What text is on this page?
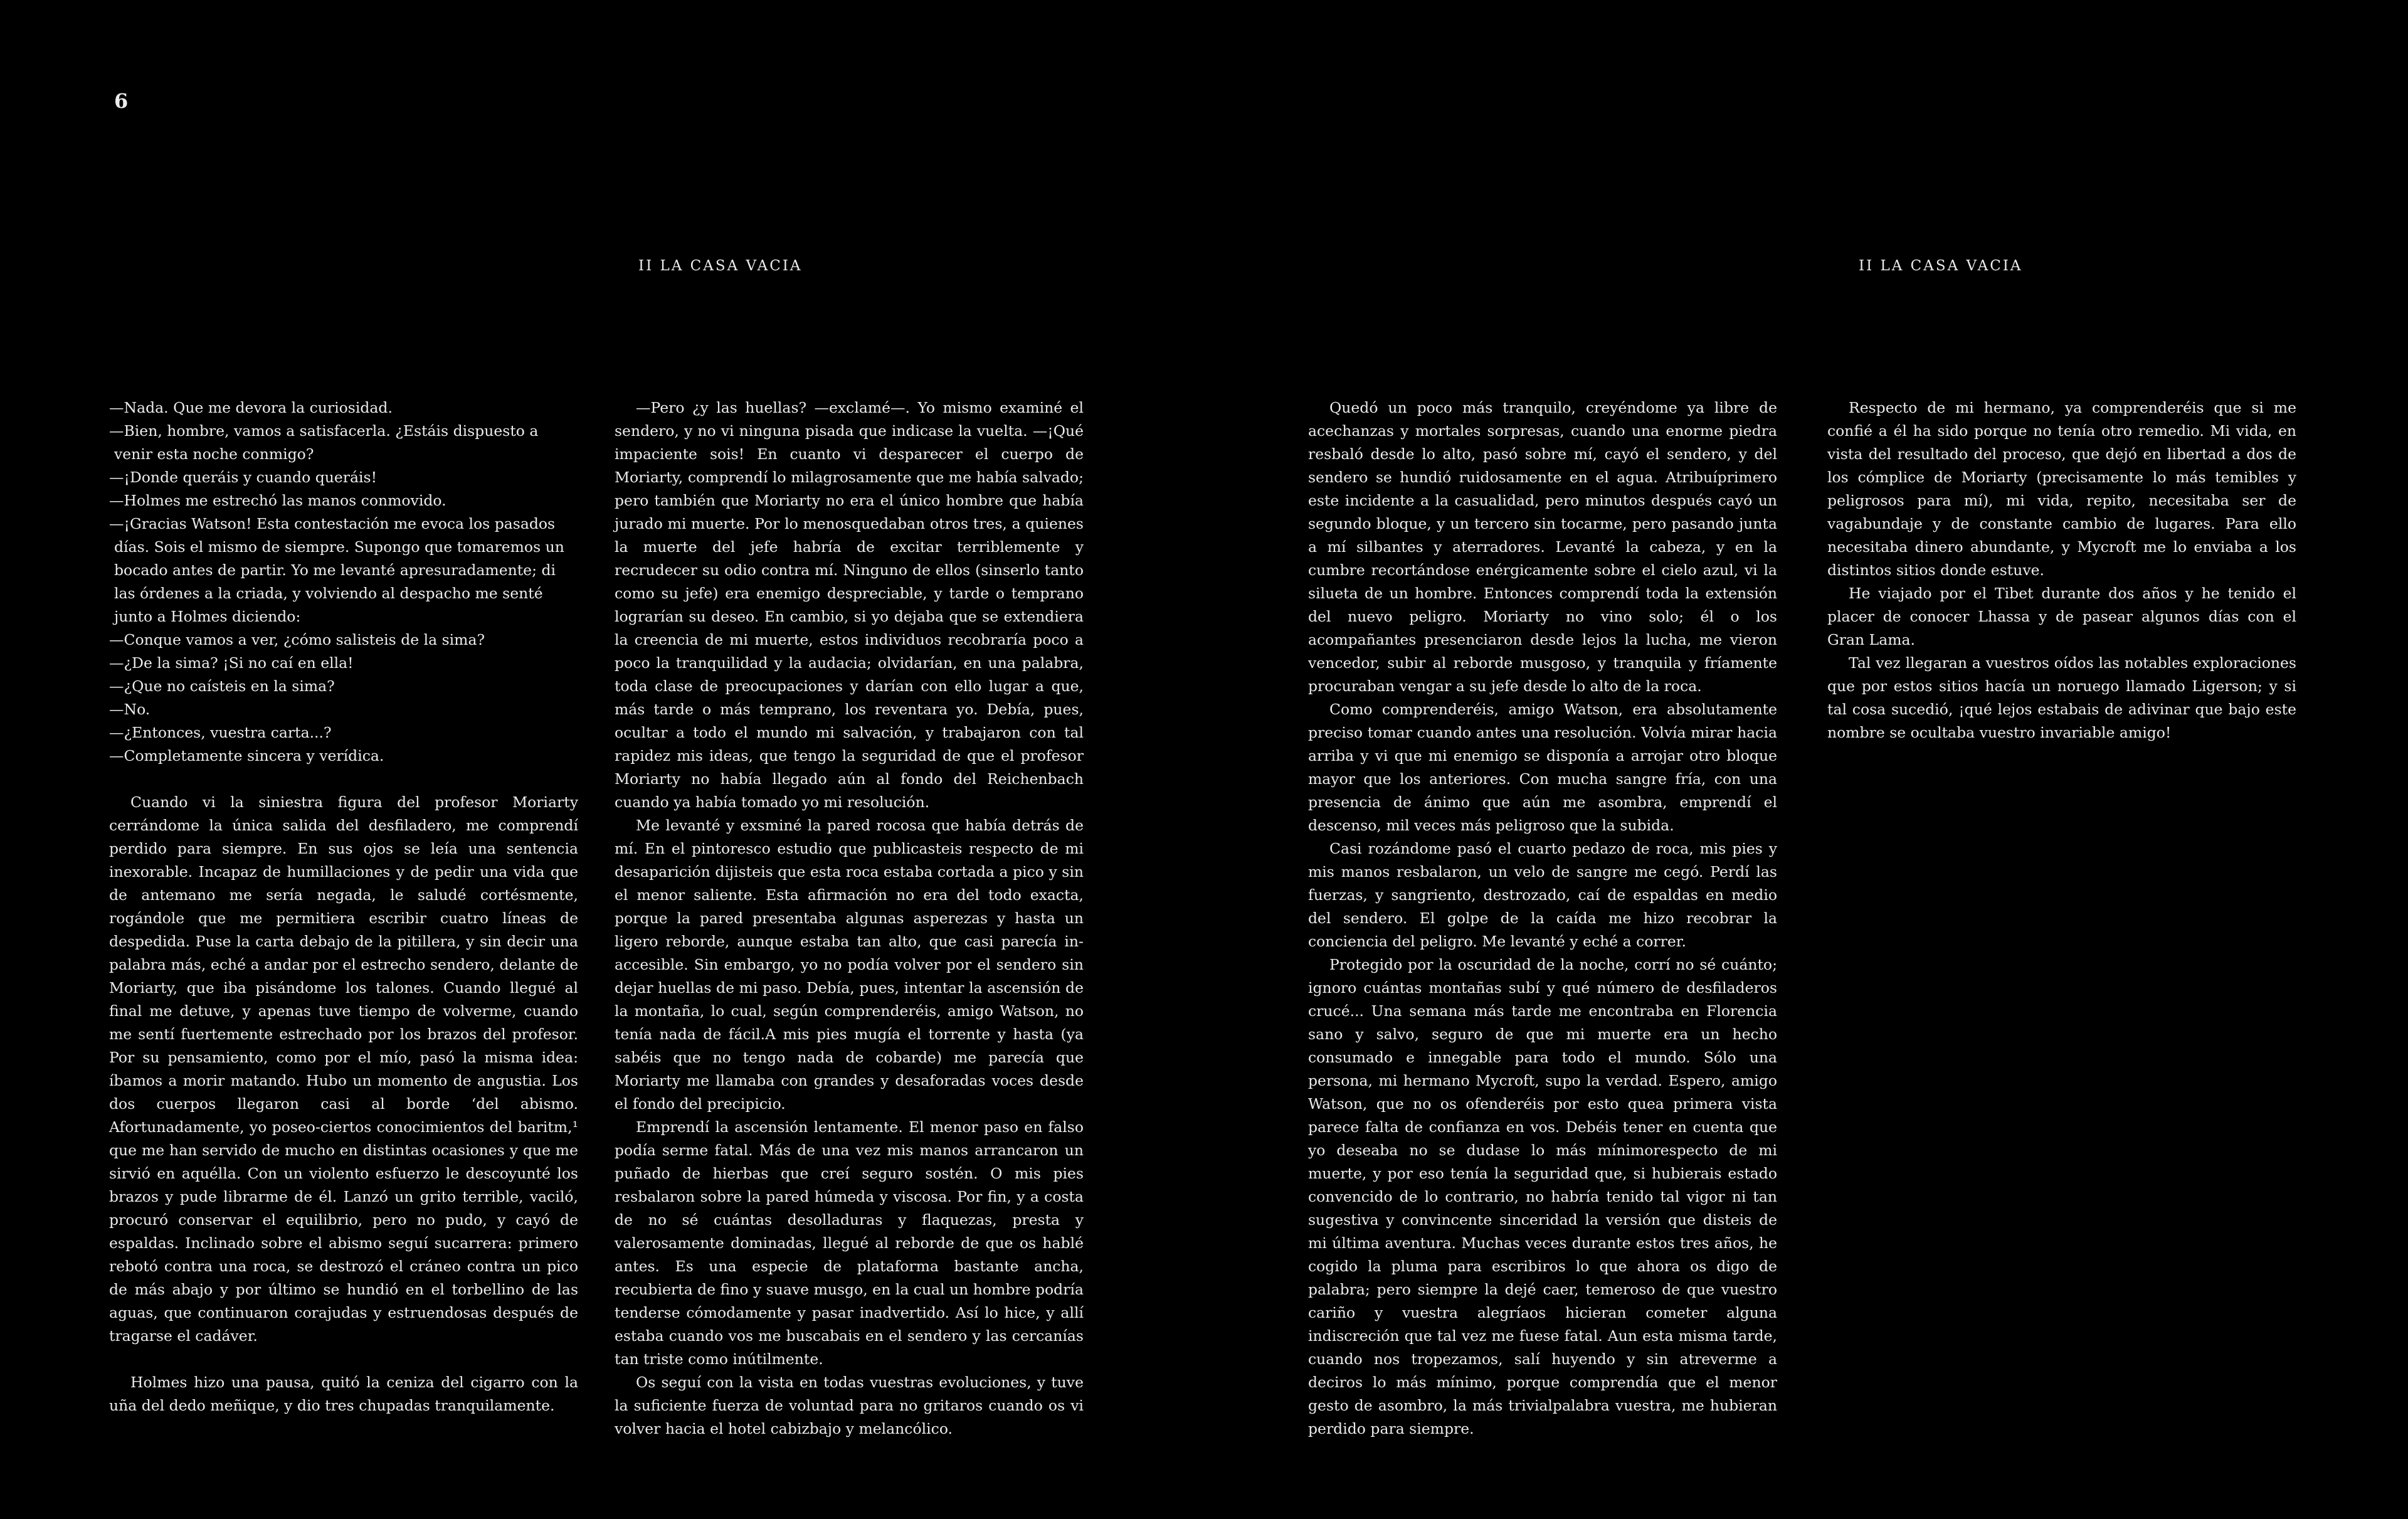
6
II LA CASA VACIA

—Nada. Que me devora la curiosidad.

—Bien, hombre, vamos a satisfacerla. ¿Estáis dispuesto a venir esta noche conmigo?

—¡Donde queráis y cuando queráis!

—Holmes me estrechó las manos conmovido.

—¡Gracias Watson! Esta contestación me evoca los pasados días. Sois el mismo de siempre. Supongo que tomaremos un bocado antes de partir. Yo me levanté apresuradamente; di las órdenes a la criada, y volviendo al despacho me senté junto a Holmes diciendo:

—Conque vamos a ver, ¿cómo salisteis de la sima?

—¿De la sima? ¡Si no caí en ella!

—¿Que no caísteis en la sima?

—No.

—¿Entonces, vuestra carta...?

—Completamente sincera y verídica.

Cuando vi la siniestra figura del profesor Moriarty cerrándome la única salida del desfiladero, me comprendí perdido para siempre. En sus ojos se leía una sentencia inexorable. Incapaz de humillaciones y de pedir una vida que de antemano me sería negada, le saludé cortésmente, rogándole que me permitiera escribir cuatro líneas de despedida. Puse la carta debajo de la pitillera, y sin decir una palabra más, eché a andar por el estrecho sendero, delante de Moriarty, que iba pisándome los talones. Cuando llegué al final me detuve, y apenas tuve tiempo de volverme, cuando me sentí fuertemente estrechado por los brazos del profesor. Por su pensamiento, como por el mío, pasó la misma idea: íbamos a morir matando. Hubo un momento de angustia. Los dos cuerpos llegaron casi al borde ‘del abismo. Afortunadamente, yo poseo-ciertos conocimientos del baritm,¹ que me han servido de mucho en distintas ocasiones y que me sirvió en aquélla. Con un violento esfuerzo le descoyunté los brazos y pude librarme de él. Lanzó un grito terrible, vaciló, procuró conservar el equilibrio, pero no pudo, y cayó de espaldas. Inclinado sobre el abismo seguí sucarrera: primero rebotó contra una roca, se destrozó el cráneo contra un pico de más abajo y por último se hundió en el torbellino de las aguas, que continuaron corajudas y estruendosas después de tragarse el cadáver.

Holmes hizo una pausa, quitó la ceniza del cigarro con la uña del dedo meñique, y dio tres chupadas tranquilamente.

—Pero ¿y las huellas? —exclamé—. Yo mismo examiné el sendero, y no vi ninguna pisada que indicase la vuelta. —¡Qué impaciente sois! En cuanto vi desparecer el cuerpo de Moriarty, comprendí lo milagrosamente que me había salvado; pero también que Moriarty no era el único hombre que había jurado mi muerte. Por lo menosquedaban otros tres, a quienes la muerte del jefe habría de excitar terriblemente y recrudecer su odio contra mí. Ninguno de ellos (sinserlo tanto como su jefe) era enemigo despreciable, y tarde o temprano lograrían su deseo. En cambio, si yo dejaba que se extendiera la creencia de mi muerte, estos individuos recobraría poco a poco la tranquilidad y la audacia; olvidarían, en una palabra, toda clase de preocupaciones y darían con ello lugar a que, más tarde o más temprano, los reventara yo. Debía, pues, ocultar a todo el mundo mi salvación, y trabajaron con tal rapidez mis ideas, que tengo la seguridad de que el profesor Moriarty no había llegado aún al fondo del Reichenbach cuando ya había tomado yo mi resolución.

Me levanté y exsminé la pared rocosa que había detrás de mí. En el pintoresco estudio que publicasteis respecto de mi desaparición dijisteis que esta roca estaba cortada a pico y sin el menor saliente. Esta afirmación no era del todo exacta, porque la pared presentaba algunas asperezas y hasta un ligero reborde, aunque estaba tan alto, que casi parecía in-accesible. Sin embargo, yo no podía volver por el sendero sin dejar huellas de mi paso. Debía, pues, intentar la ascensión de la montaña, lo cual, según comprenderéis, amigo Watson, no tenía nada de fácil.A mis pies mugía el torrente y hasta (ya sabéis que no tengo nada de cobarde) me parecía que Moriarty me llamaba con grandes y desaforadas voces desde el fondo del precipicio.

Emprendí la ascensión lentamente. El menor paso en falso podía serme fatal. Más de una vez mis manos arrancaron un puñado de hierbas que creí seguro sostén. O mis pies resbalaron sobre la pared húmeda y viscosa. Por fin, y a costa de no sé cuántas desolladuras y flaquezas, presta y valerosamente dominadas, llegué al reborde de que os hablé antes. Es una especie de plataforma bastante ancha, recubierta de fino y suave musgo, en la cual un hombre podría tenderse cómodamente y pasar inadvertido. Así lo hice, y allí estaba cuando vos me buscabais en el sendero y las cercanías tan triste como inútilmente.

Os seguí con la vista en todas vuestras evoluciones, y tuve la suficiente fuerza de voluntad para no gritaros cuando os vi volver hacia el hotel cabizbajo y melancólico.

II LA CASA VACIA

Quedó un poco más tranquilo, creyéndome ya libre de acechanzas y mortales sorpresas, cuando una enorme piedra resbaló desde lo alto, pasó sobre mí, cayó el sendero, y del sendero se hundió ruidosamente en el agua. Atribuíprimero este incidente a la casualidad, pero minutos después cayó un segundo bloque, y un tercero sin tocarme, pero pasando junta a mí silbantes y aterradores. Levanté la cabeza, y en la cumbre recortándose enérgicamente sobre el cielo azul, vi la silueta de un hombre. Entonces comprendí toda la extensión del nuevo peligro. Moriarty no vino solo; él o los acompañantes presenciaron desde lejos la lucha, me vieron vencedor, subir al reborde musgoso, y tranquila y fríamente procuraban vengar a su jefe desde lo alto de la roca.

Como comprenderéis, amigo Watson, era absolutamente preciso tomar cuando antes una resolución. Volvía mirar hacia arriba y vi que mi enemigo se disponía a arrojar otro bloque mayor que los anteriores. Con mucha sangre fría, con una presencia de ánimo que aún me asombra, emprendí el descenso, mil veces más peligroso que la subida.

Casi rozándome pasó el cuarto pedazo de roca, mis pies y mis manos resbalaron, un velo de sangre me cegó. Perdí las fuerzas, y sangriento, destrozado, caí de espaldas en medio del sendero. El golpe de la caída me hizo recobrar la conciencia del peligro. Me levanté y eché a correr.

Protegido por la oscuridad de la noche, corrí no sé cuánto; ignoro cuántas montañas subí y qué número de desfiladeros crucé... Una semana más tarde me encontraba en Florencia sano y salvo, seguro de que mi muerte era un hecho consumado e innegable para todo el mundo. Sólo una persona, mi hermano Mycroft, supo la verdad. Espero, amigo Watson, que no os ofenderéis por esto quea primera vista parece falta de confianza en vos. Debéis tener en cuenta que yo deseaba no se dudase lo más mínimorespecto de mi muerte, y por eso tenía la seguridad que, si hubierais estado convencido de lo contrario, no habría tenido tal vigor ni tan sugestiva y convincente sinceridad la versión que disteis de mi última aventura. Muchas veces durante estos tres años, he cogido la pluma para escribiros lo que ahora os digo de palabra; pero siempre la dejé caer, temeroso de que vuestro cariño y vuestra alegríaos hicieran cometer alguna indiscreción que tal vez me fuese fatal. Aun esta misma tarde, cuando nos tropezamos, salí huyendo y sin atreverme a deciros lo más mínimo, porque comprendía que el menor gesto de asombro, la más trivialpalabra vuestra, me hubieran perdido para siempre.

Respecto de mi hermano, ya comprenderéis que si me confié a él ha sido porque no tenía otro remedio. Mi vida, en vista del resultado del proceso, que dejó en libertad a dos de los cómplice de Moriarty (precisamente lo más temibles y peligrosos para mí), mi vida, repito, necesitaba ser de vagabundaje y de constante cambio de lugares. Para ello necesitaba dinero abundante, y Mycroft me lo enviaba a los distintos sitios donde estuve.

He viajado por el Tibet durante dos años y he tenido el placer de conocer Lhassa y de pasear algunos días con el Gran Lama.

Tal vez llegaran a vuestros oídos las notables exploraciones que por estos sitios hacía un noruego llamado Ligerson; y si tal cosa sucedió, ¡qué lejos estabais de adivinar que bajo este nombre se ocultaba vuestro invariable amigo!
